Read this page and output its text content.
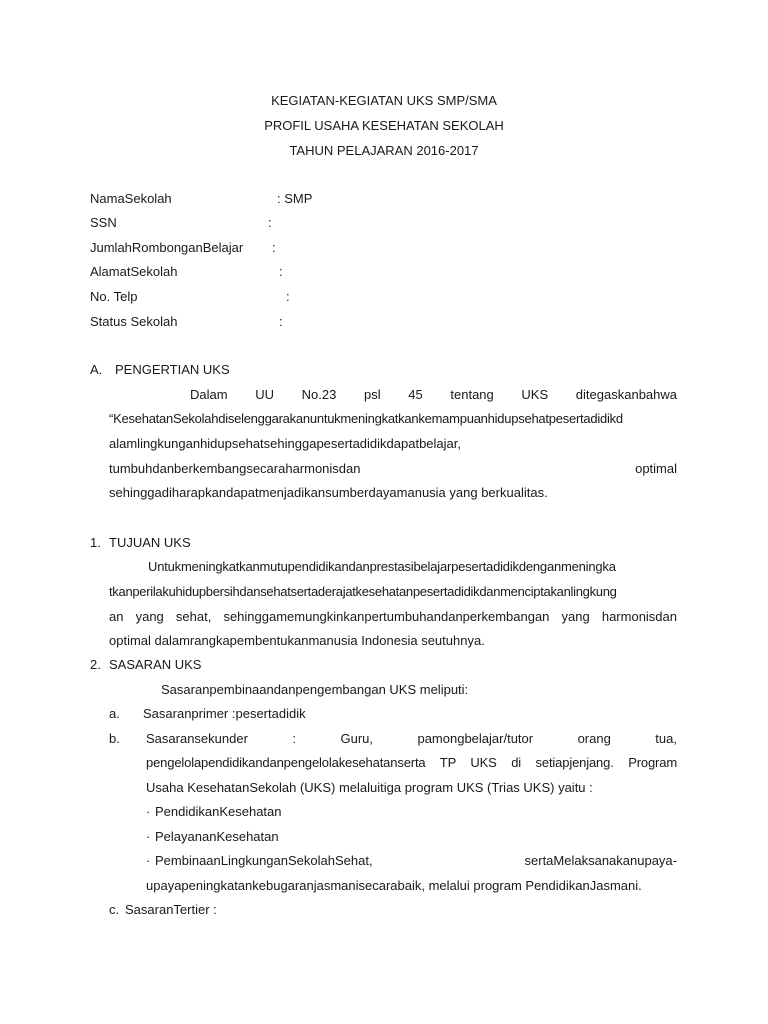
KEGIATAN-KEGIATAN UKS SMP/SMA
PROFIL USAHA KESEHATAN SEKOLAH
TAHUN PELAJARAN 2016-2017
NamaSekolah	: SMP
SSN	:
JumlahRombonganBelajar :
AlamatSekolah	:
No. Telp	:
Status Sekolah	:
A. PENGERTIAN UKS
Dalam UU No.23 psl 45 tentang UKS ditegaskanbahwa
“KesehatanSekolahdiselenggarakanuntukmeningkatkankemampuanhidupsehatpesertadidikd
alamlingkunganhidupsehatsehinggapesertadidikdapatbelajar,
tumbuhdanberkembangsecaraharmonisdan optimal
sehinggadiharapkandapatmenjadikansumberdayamanusia yang berkualitas.
1. TUJUAN UKS
Untukmeningkatkanmutupendidikandanprestasibelajarpesertadidikdenganmeningka
tkanperilakuhidupbersihdansehatsertaderajatkesehatanpesertadidikdanmenciptakanlingkung
an yang sehat, sehinggamemungkinkanpertumbuhandanperkembangan yang harmonisdan
optimal dalamrangkapembentukanmanusia Indonesia seutuhnya.
2. SASARAN UKS
Sasaranpembinaandanpengembangan UKS meliputi:
a. Sasaranprimer :pesertadidik
b. Sasaransekunder : Guru, pamongbelajar/tutor orang tua,
pengelolapendidikandanpengelolakesehatanserta TP UKS di setiapjenjang. Program
Usaha KesehatanSekolah (UKS) melaluitiga program UKS (Trias UKS) yaitu :
· PendidikanKesehatan
· PelayananKesehatan
· PembinaanLingkunganSekolahSehat, sertaMelaksanakanupaya-
upayapeningkatankebugaranjasmanisecarabaik, melalui program PendidikanJasmani.
c. SasaranTertier :
